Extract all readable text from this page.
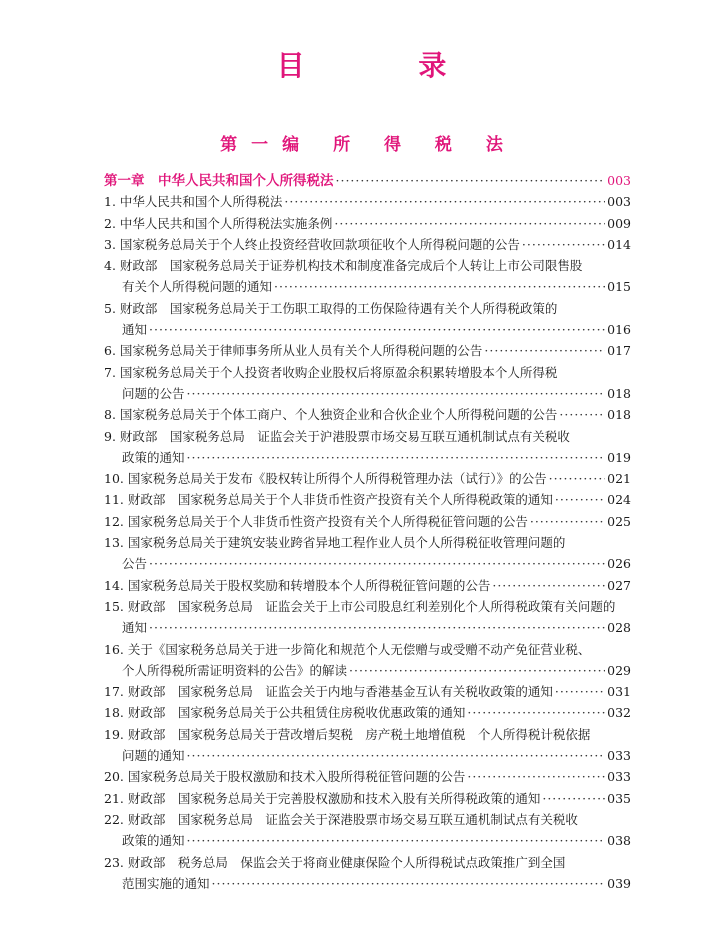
目 录
第一编 所 得 税 法
第一章　中华人民共和国个人所得税法 ·····	003
1. 中华人民共和国个人所得税法 ·····	003
2. 中华人民共和国个人所得税法实施条例 ·····	009
3. 国家税务总局关于个人终止投资经营收回款项征收个人所得税问题的公告 ·····	014
4. 财政部　国家税务总局关于证券机构技术和制度准备完成后个人转让上市公司限售股
有关个人所得税问题的通知 ·····	015
5. 财政部　国家税务总局关于工伤职工取得的工伤保险待遇有关个人所得税政策的
通知 ·····	016
6. 国家税务总局关于律师事务所从业人员有关个人所得税问题的公告 ·····	017
7. 国家税务总局关于个人投资者收购企业股权后将原盈余积累转增股本个人所得税
问题的公告 ·····	018
8. 国家税务总局关于个体工商户、个人独资企业和合伙企业个人所得税问题的公告 ·····	018
9. 财政部　国家税务总局　证监会关于沪港股票市场交易互联互通机制试点有关税收
政策的通知 ·····	019
10. 国家税务总局关于发布《股权转让所得个人所得税管理办法（试行）》的公告 ·····	021
11. 财政部　国家税务总局关于个人非货币性资产投资有关个人所得税政策的通知 ·····	024
12. 国家税务总局关于个人非货币性资产投资有关个人所得税征管问题的公告 ·····	025
13. 国家税务总局关于建筑安装业跨省异地工程作业人员个人所得税征收管理问题的
公告 ·····	026
14. 国家税务总局关于股权奖励和转增股本个人所得税征管问题的公告 ·····	027
15. 财政部　国家税务总局　证监会关于上市公司股息红利差别化个人所得税政策有关问题的
通知 ·····	028
16. 关于《国家税务总局关于进一步简化和规范个人无偿赠与或受赠不动产免征营业税、
个人所得税所需证明资料的公告》的解读 ·····	029
17. 财政部　国家税务总局　证监会关于内地与香港基金互认有关税收政策的通知 ·····	031
18. 财政部　国家税务总局关于公共租赁住房税收优惠政策的通知 ·····	032
19. 财政部　国家税务总局关于营改增后契税　房产税土地增值税　个人所得税计税依据
问题的通知 ·····	033
20. 国家税务总局关于股权激励和技术入股所得税征管问题的公告 ·····	033
21. 财政部　国家税务总局关于完善股权激励和技术入股有关所得税政策的通知 ·····	035
22. 财政部　国家税务总局　证监会关于深港股票市场交易互联互通机制试点有关税收
政策的通知 ·····	038
23. 财政部　税务总局　保监会关于将商业健康保险个人所得税试点政策推广到全国
范围实施的通知 ·····	039
